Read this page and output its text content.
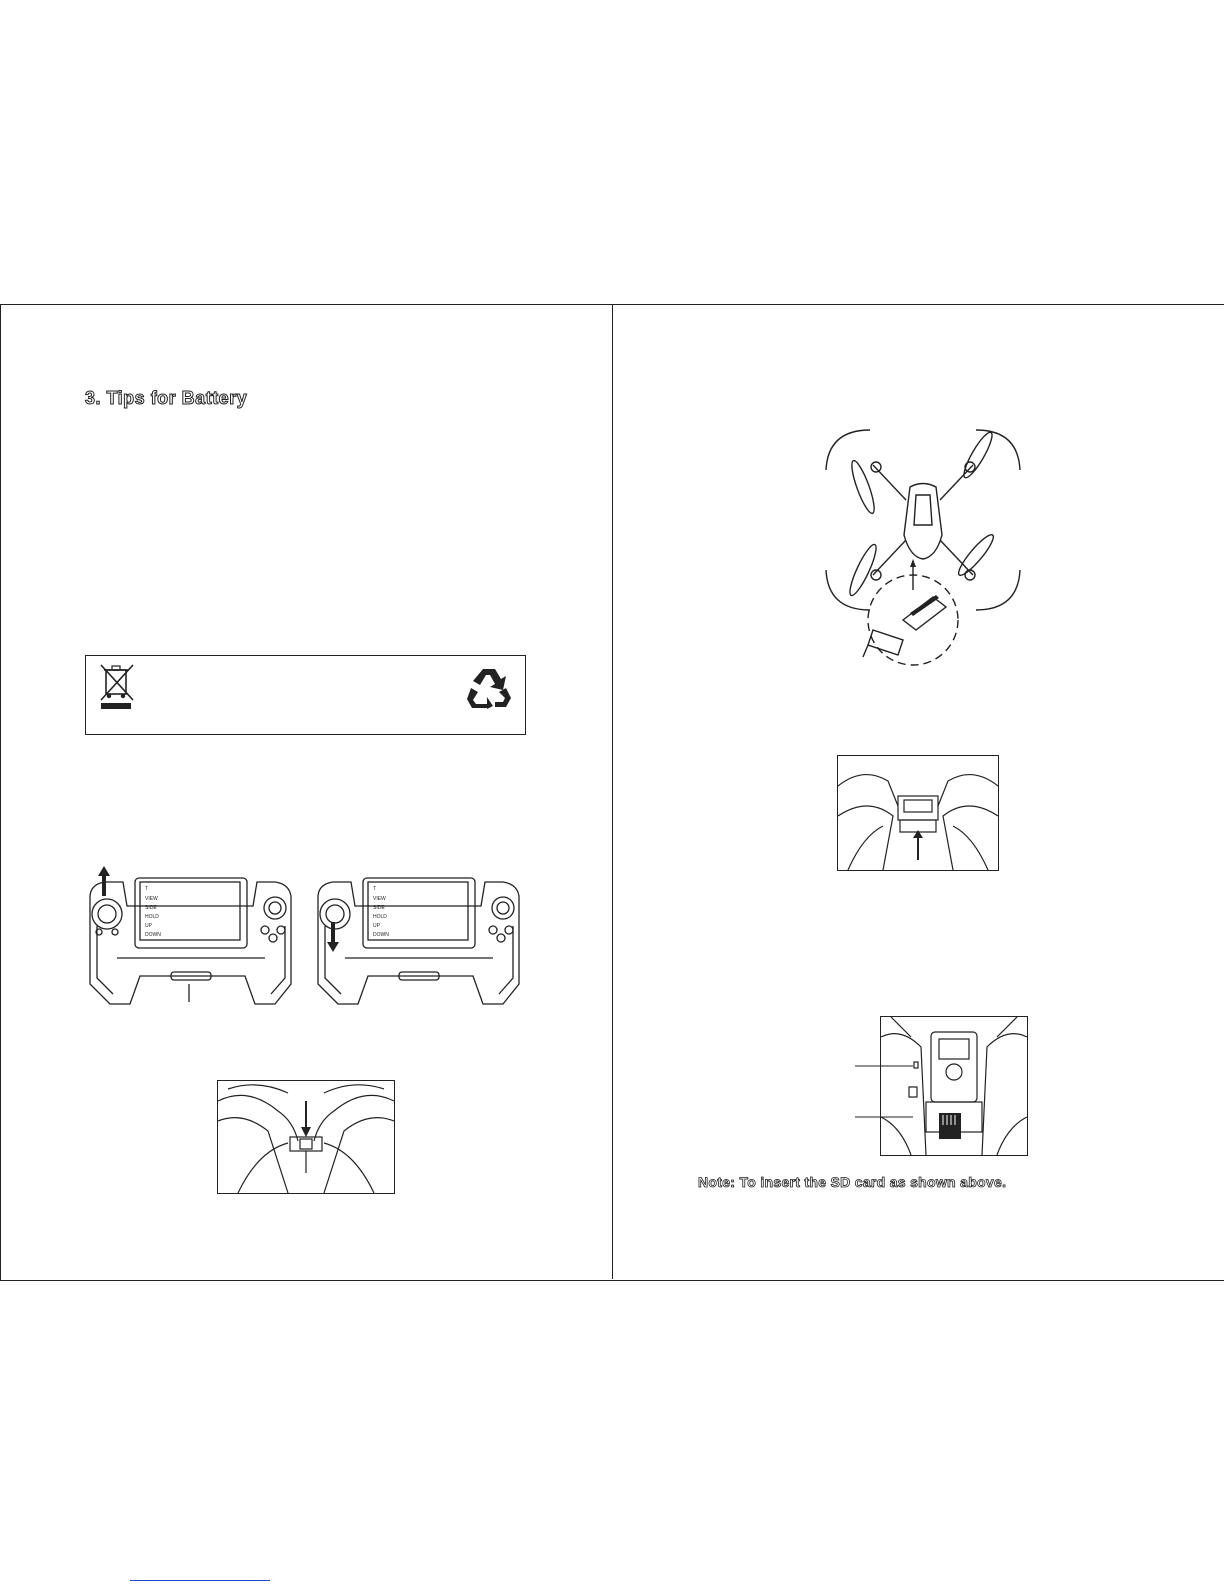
3. Tips for Battery
T
VIEW
SIDE
HOLD
UP
DOWN
T
VIEW
SIDE
HOLD
UP
DOWN
Note: To insert the SD card as shown above.
